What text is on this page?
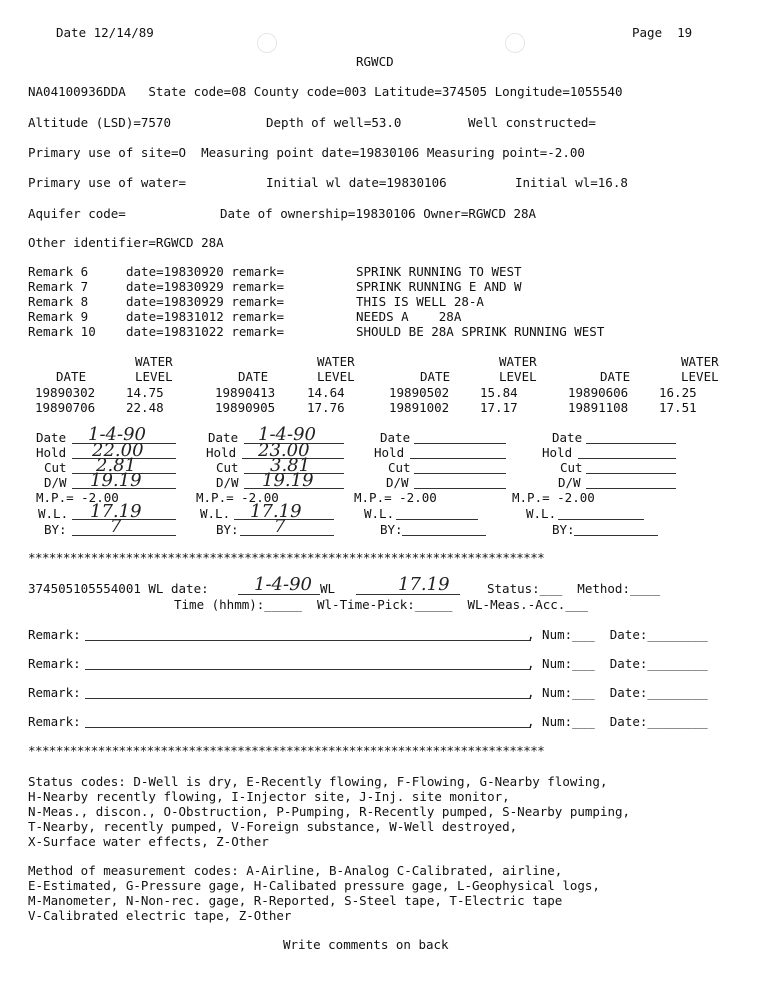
Date 12/14/89	Page  19
RGWCD
NA04100936DDA   State code=08 County code=003 Latitude=374505 Longitude=1055540
Altitude (LSD)=7570	Depth of well=53.0	Well constructed=
Primary use of site=O  Measuring point date=19830106 Measuring point=-2.00
Primary use of water=	Initial wl date=19830106	Initial wl=16.8
Aquifer code=	Date of ownership=19830106 Owner=RGWCD 28A
Other identifier=RGWCD 28A
Remark 6	date=19830920 remark=	SPRINK RUNNING TO WEST
Remark 7	date=19830929 remark=	SPRINK RUNNING E AND W
Remark 8	date=19830929 remark=	THIS IS WELL 28-A
Remark 9	date=19831012 remark=	NEEDS A    28A
Remark 10 date=19831022 remark=	SHOULD BE 28A SPRINK RUNNING WEST
WATER	WATER	WATER	WATER
DATE	LEVEL	DATE	LEVEL	DATE	LEVEL	DATE	LEVEL
19890302 14.75	19890413	14.64	19890502 15.84	19890606 16.25
19890706 22.48	19890905	17.76	19891002 17.17	19891108 17.51
Date 1-4-90
Hold 22.00
Cut 2.81
D/W 19.19
M.P.= -2.00
W.L. 17.19
BY: 7
Date 1-4-90
Hold 23.00
Cut 3.81
D/W 19.19
M.P.= -2.00
W.L. 17.19
BY: 7
Date
Hold
Cut
D/W
M.P.= -2.00
W.L.
BY:
Date
Hold
Cut
D/W
M.P.= -2.00
W.L.
BY:
**************************************************************************
374505105554001 WL date:	1-4-90 WL	17.19	Status:___  Method:____
Time (hhmm):_____  Wl-Time-Pick:_____  WL-Meas.-Acc.___
Remark:	, Num:___  Date:________
Remark:	, Num:___  Date:________
Remark:	, Num:___  Date:________
Remark:	, Num:___  Date:________
**************************************************************************
Status codes: D-Well is dry, E-Recently flowing, F-Flowing, G-Nearby flowing,
H-Nearby recently flowing, I-Injector site, J-Inj. site monitor,
N-Meas., discon., O-Obstruction, P-Pumping, R-Recently pumped, S-Nearby pumping,
T-Nearby, recently pumped, V-Foreign substance, W-Well destroyed,
X-Surface water effects, Z-Other
Method of measurement codes: A-Airline, B-Analog C-Calibrated, airline,
E-Estimated, G-Pressure gage, H-Calibated pressure gage, L-Geophysical logs,
M-Manometer, N-Non-rec. gage, R-Reported, S-Steel tape, T-Electric tape
V-Calibrated electric tape, Z-Other
Write comments on back
